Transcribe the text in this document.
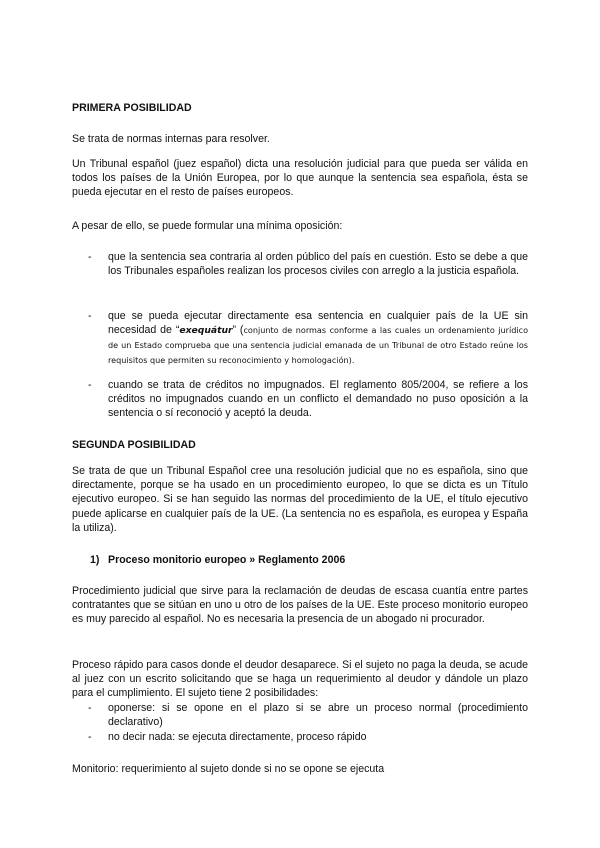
PRIMERA POSIBILIDAD
Se trata de normas internas para resolver.
Un Tribunal español (juez español) dicta una resolución judicial para que pueda ser válida en todos los países de la Unión Europea, por lo que aunque la sentencia sea española, ésta se pueda ejecutar en el resto de países europeos.
A pesar de ello, se puede formular una mínima oposición:
- que la sentencia sea contraria al orden público del país en cuestión. Esto se debe a que los Tribunales españoles realizan los procesos civiles con arreglo a la justicia española.
- que se pueda ejecutar directamente esa sentencia en cualquier país de la UE sin necesidad de “exequátur” (conjunto de normas conforme a las cuales un ordenamiento jurídico de un Estado comprueba que una sentencia judicial emanada de un Tribunal de otro Estado reúne los requisitos que permiten su reconocimiento y homologación).
- cuando se trata de créditos no impugnados. El reglamento 805/2004, se refiere a los créditos no impugnados cuando en un conflicto el demandado no puso oposición a la sentencia o sí reconoció y aceptó la deuda.
SEGUNDA POSIBILIDAD
Se trata de que un Tribunal Español cree una resolución judicial que no es española, sino que directamente, porque se ha usado en un procedimiento europeo, lo que se dicta es un Título ejecutivo europeo. Si se han seguido las normas del procedimiento de la UE, el título ejecutivo puede aplicarse en cualquier país de la UE. (La sentencia no es española, es europea y España la utiliza).
1) Proceso monitorio europeo » Reglamento 2006
Procedimiento judicial que sirve para la reclamación de deudas de escasa cuantía entre partes contratantes que se sitúan en uno u otro de los países de la UE. Este proceso monitorio europeo es muy parecido al español. No es necesaria la presencia de un abogado ni procurador.
Proceso rápido para casos donde el deudor desaparece. Si el sujeto no paga la deuda, se acude al juez con un escrito solicitando que se haga un requerimiento al deudor y dándole un plazo para el cumplimiento. El sujeto tiene 2 posibilidades:
- oponerse: si se opone en el plazo si se abre un proceso normal (procedimiento declarativo)
- no decir nada: se ejecuta directamente, proceso rápido
Monitorio: requerimiento al sujeto donde si no se opone se ejecuta
